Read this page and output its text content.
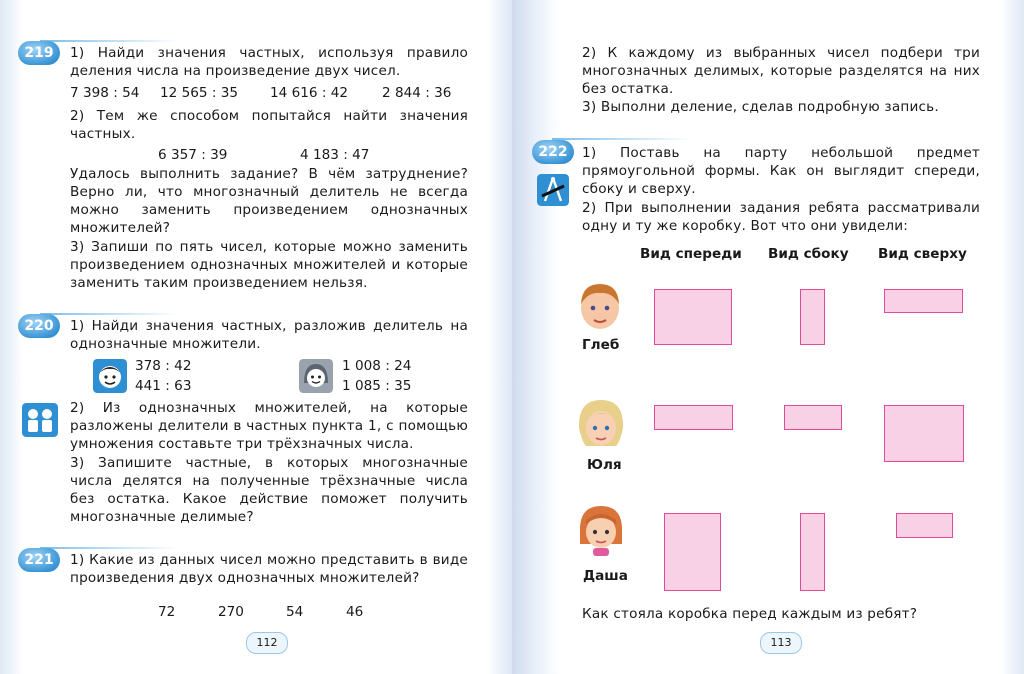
219	1) Найди значения частных, используя правило деления числа на произведение двух чисел.

7 398 : 54 12 565 : 35 14 616 : 42 2 844 : 36

2) Тем же способом попытайся найти значения частных.

6 357 : 39	4 183 : 47

Удалось выполнить задание? В чём затруднение? Верно ли, что многозначный делитель не всегда можно заменить произведением однозначных множителей?

3) Запиши по пять чисел, которые можно заменить произведением однозначных множителей и которые заменить таким произведением нельзя.

220	1) Найди значения частных, разложив делитель на однозначные множители.

378 : 42
441 : 63
1 008 : 24
1 085 : 35

2) Из однозначных множителей, на которые разложены делители в частных пункта 1, с помощью умножения составьте три трёхзначных числа.

3) Запишите частные, в которых многозначные числа делятся на полученные трёхзначные числа без остатка. Какое действие поможет получить многозначные делимые?

221	1) Какие из данных чисел можно представить в виде произведения двух однозначных множителей?

72	270	54	46
112

2) К каждому из выбранных чисел подбери три многозначных делимых, которые разделятся на них без остатка.

3) Выполни деление, сделав подробную запись.

222	1) Поставь на парту небольшой предмет прямоугольной формы. Как он выглядит спереди, сбоку и сверху.

2) При выполнении задания ребята рассматривали одну и ту же коробку. Вот что они увидели:

Вид спереди Вид сбоку Вид сверху
Глеб
Юля
Даша

Как стояла коробка перед каждым из ребят?

113
